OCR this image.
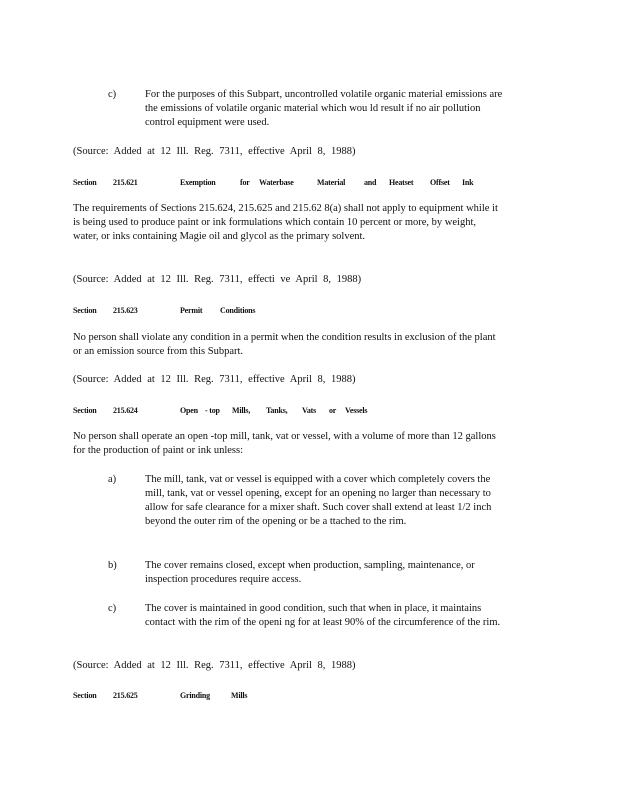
c)	For the purposes of this Subpart, uncontrolled volatile organic material emissions are the emissions of volatile organic material which wou ld result if no air pollution control equipment were used.

(Source: Added at 12 Ill. Reg. 7311, effective April 8, 1988)
Section 215.621	Exemption	for Waterbase	Material and Heatset Offset Ink

The requirements of Sections 215.624, 215.625 and 215.62 8(a) shall not apply to equipment while it is being used to produce paint or ink formulations which contain 10 percent or more, by weight, water, or inks containing Magie oil and glycol as the primary solvent.

(Source: Added at 12 Ill. Reg. 7311, effecti ve April 8, 1988)
Section 215.623	Permit Conditions

No person shall violate any condition in a permit when the condition results in exclusion of the plant or an emission source from this Subpart.

(Source: Added at 12 Ill. Reg. 7311, effective April 8, 1988)
Section 215.624	Open - top Mills, Tanks, Vats or Vessels

No person shall operate an open -top mill, tank, vat or vessel, with a volume of more than 12 gallons for the production of paint or ink unless:

a)	The mill, tank, vat or vessel is equipped with a cover which completely covers the mill, tank, vat or vessel opening, except for an opening no larger than necessary to allow for safe clearance for a mixer shaft. Such cover shall extend at least 1/2 inch beyond the outer rim of the opening or be a ttached to the rim.

b)	The cover remains closed, except when production, sampling, maintenance, or inspection procedures require access.

c)	The cover is maintained in good condition, such that when in place, it maintains contact with the rim of the openi ng for at least 90% of the circumference of the rim.

(Source: Added at 12 Ill. Reg. 7311, effective April 8, 1988)
Section 215.625	Grinding	Mills
